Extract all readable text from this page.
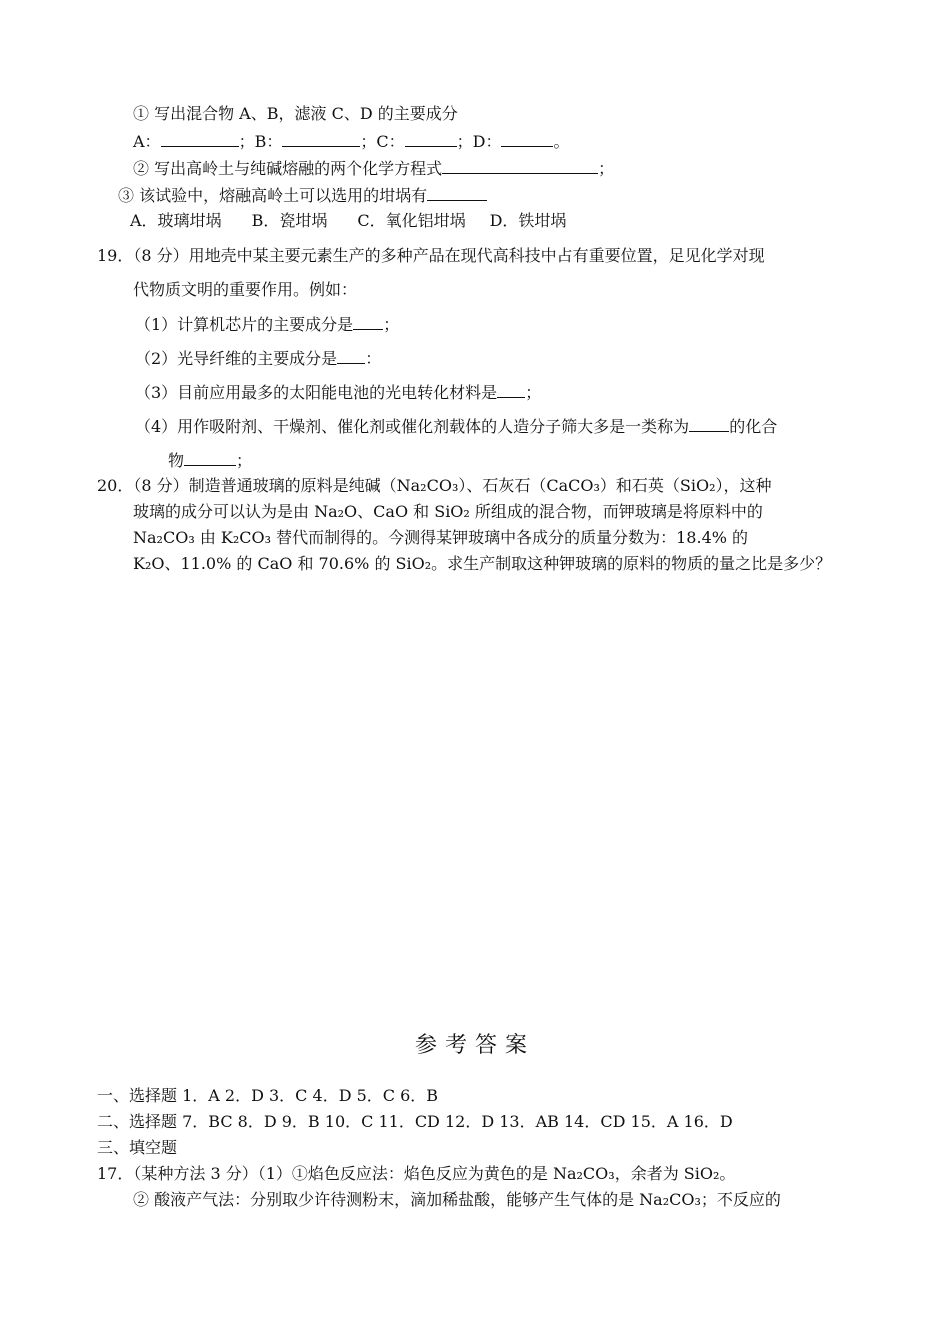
① 写出混合物 A、B，滤液 C、D 的主要成分
A：	；B：	；C：	；D：	。
② 写出高岭土与纯碱熔融的两个化学方程式	；
③ 该试验中，熔融高岭土可以选用的坩埚有
A．玻璃坩埚 B．瓷坩埚 C．氧化铝坩埚 D．铁坩埚
19．（8 分）用地壳中某主要元素生产的多种产品在现代高科技中占有重要位置，足见化学对现
代物质文明的重要作用。例如：
（1）计算机芯片的主要成分是 ；
（2）光导纤维的主要成分是 ：
（3）目前应用最多的太阳能电池的光电转化材料是 ；
（4）用作吸附剂、干燥剂、催化剂或催化剂载体的人造分子筛大多是一类称为	的化合
物	；
20．（8 分）制造普通玻璃的原料是纯碱（Na₂CO₃）、石灰石（CaCO₃）和石英（SiO₂），这种
玻璃的成分可以认为是由 Na₂O、CaO 和 SiO₂ 所组成的混合物，而钾玻璃是将原料中的
Na₂CO₃ 由 K₂CO₃ 替代而制得的。今测得某钾玻璃中各成分的质量分数为：18.4% 的
K₂O、11.0% 的 CaO 和 70.6% 的 SiO₂。求生产制取这种钾玻璃的原料的物质的量之比是多少？
参考答案
一、选择题 1．A 2．D 3．C 4．D 5．C 6．B
二、选择题 7．BC 8．D 9．B 10．C 11．CD 12．D 13．AB 14．CD 15．A 16．D
三、填空题
17．（某种方法 3 分）（1）①焰色反应法：焰色反应为黄色的是 Na₂CO₃，余者为 SiO₂。
② 酸液产气法：分别取少许待测粉末，滴加稀盐酸，能够产生气体的是 Na₂CO₃；不反应的
